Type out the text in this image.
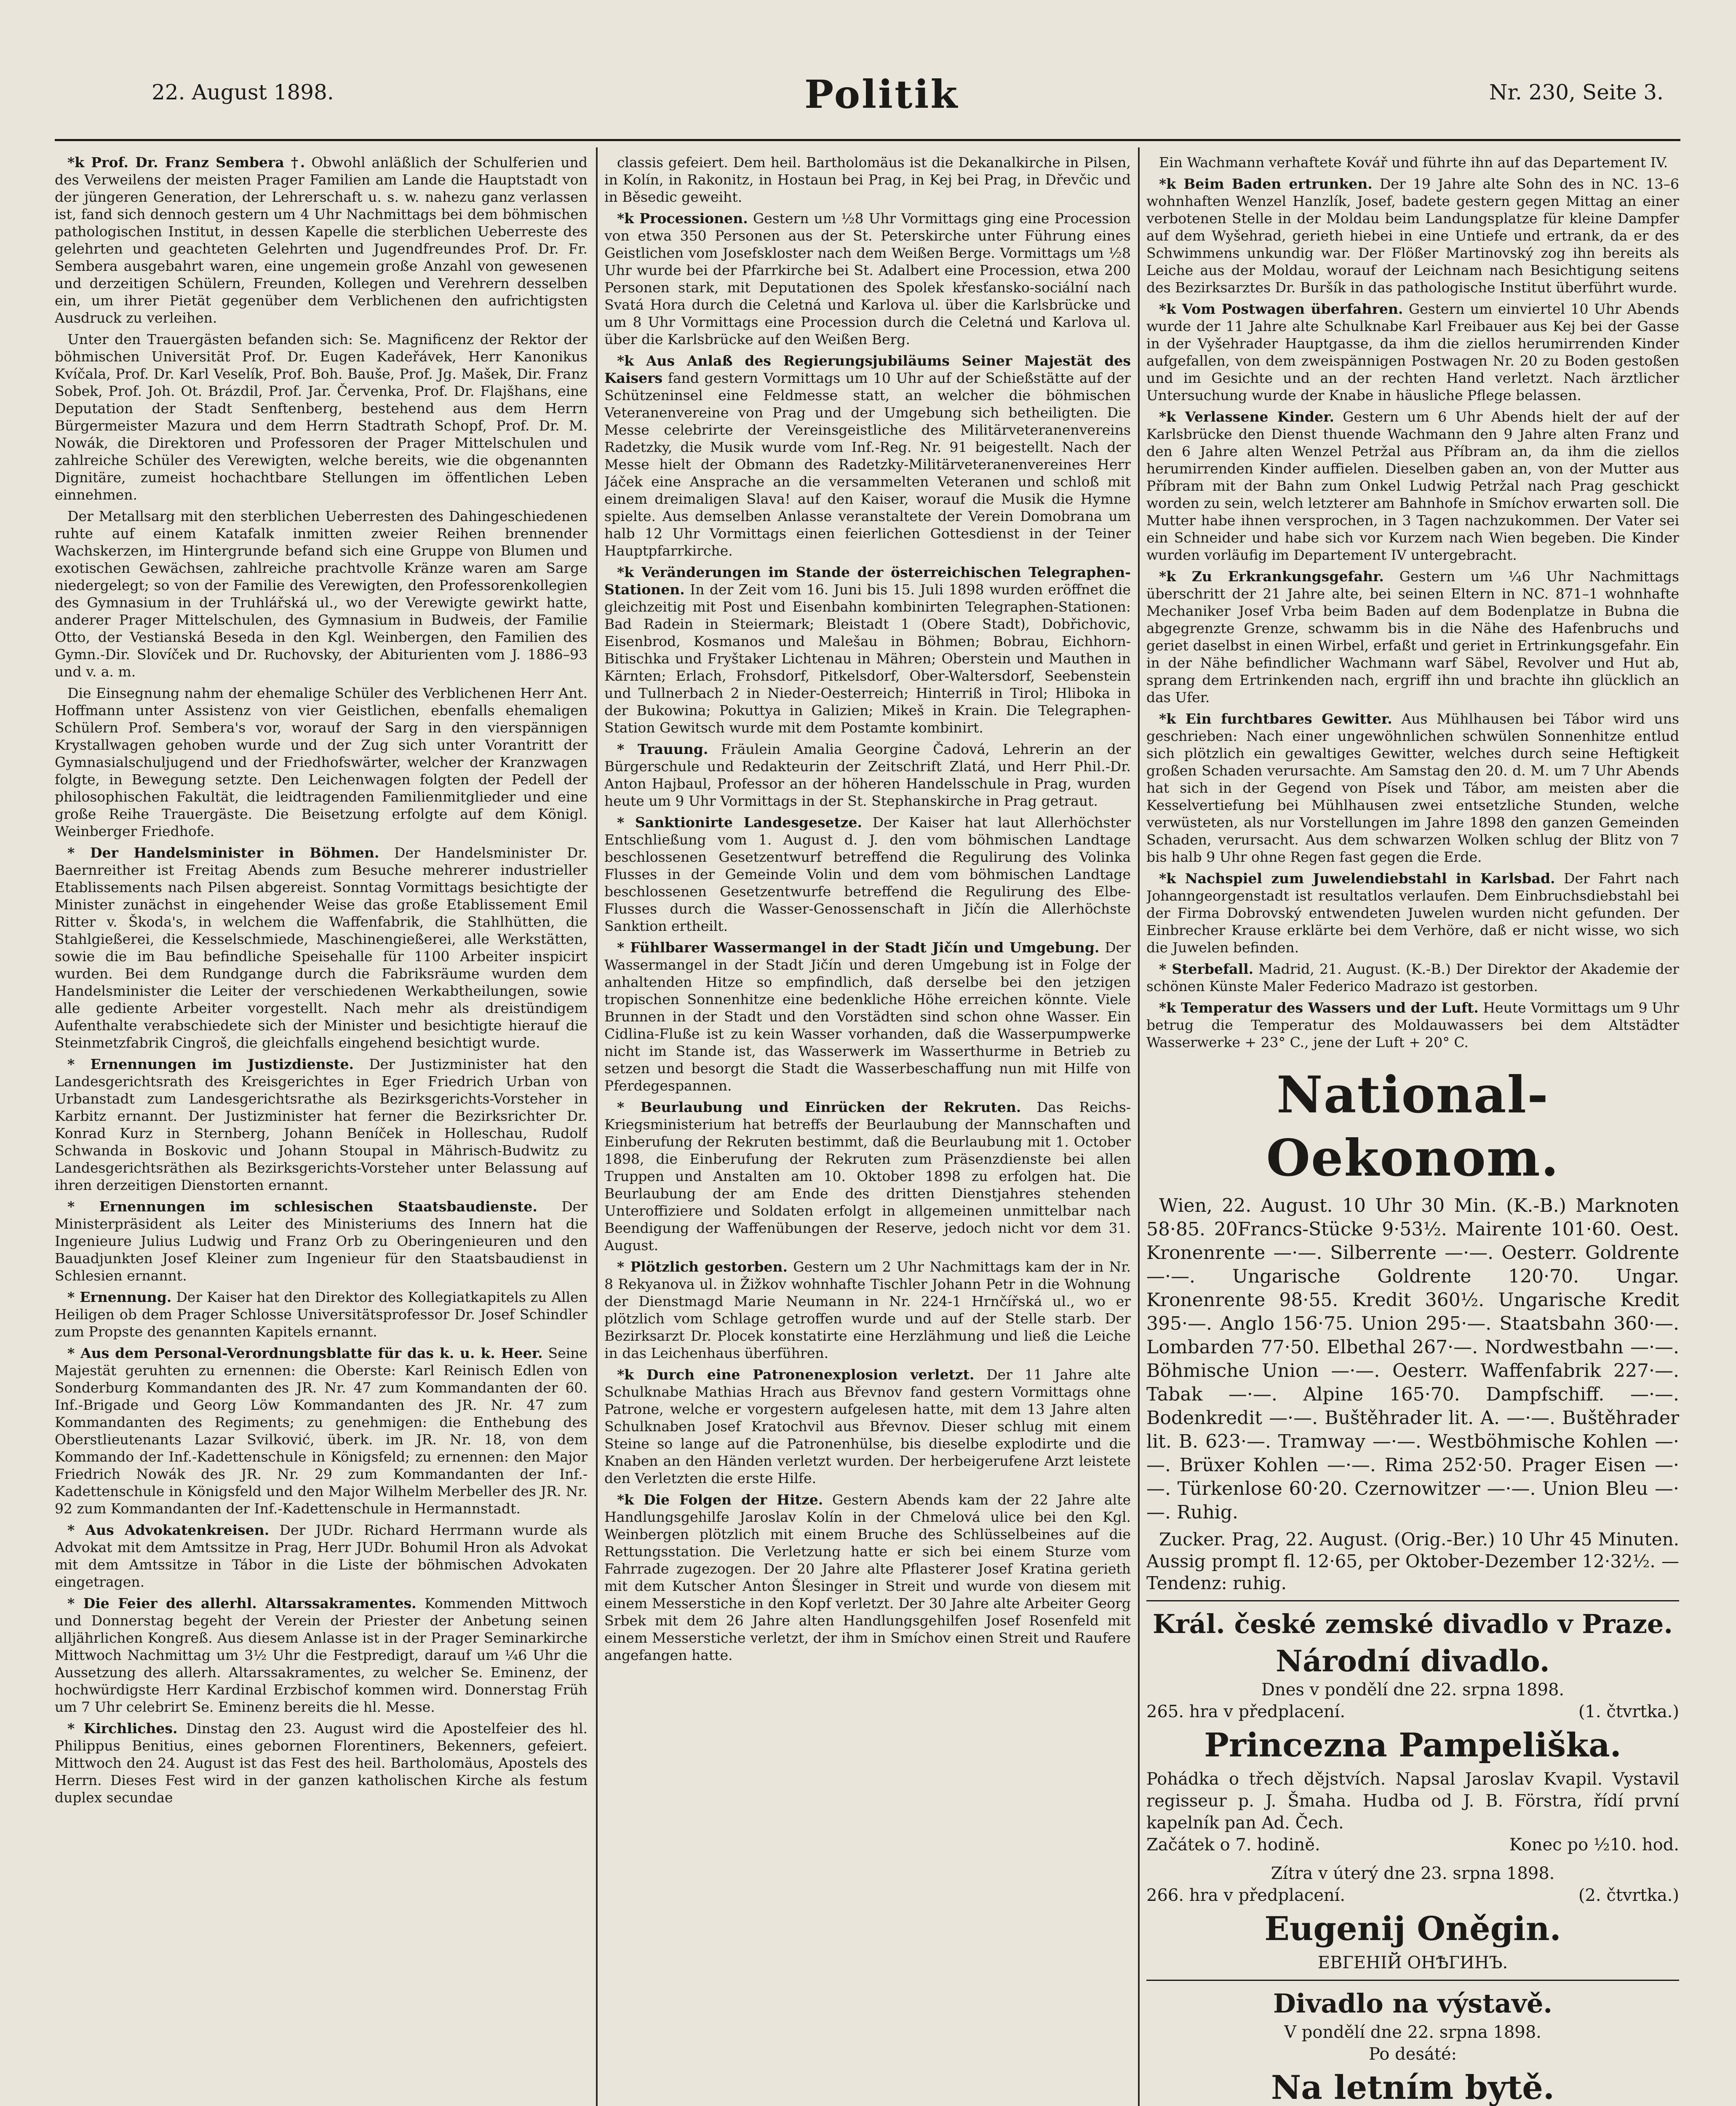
22. August 1898.	Politik	Nr. 230, Seite 3.

*k Prof. Dr. Franz Sembera †. Obwohl anläßlich der Schulferien und des Verweilens der meisten Prager Familien am Lande die Hauptstadt von der jüngeren Generation, der Lehrerschaft u. s. w. nahezu ganz verlassen ist, fand sich dennoch gestern um 4 Uhr Nachmittags bei dem böhmischen pathologischen Institut, in dessen Kapelle die sterblichen Ueberreste des gelehrten und geachteten Gelehrten und Jugendfreundes Prof. Dr. Fr. Sembera ausgebahrt waren, eine ungemein große Anzahl von gewesenen und derzeitigen Schülern, Freunden, Kollegen und Verehrern desselben ein, um ihrer Pietät gegenüber dem Verblichenen den aufrichtigsten Ausdruck zu verleihen.

Unter den Trauergästen befanden sich: Se. Magnificenz der Rektor der böhmischen Universität Prof. Dr. Eugen Kadeřávek, Herr Kanonikus Kvíčala, Prof. Dr. Karl Veselík, Prof. Boh. Bauše, Prof. Jg. Mašek, Dir. Franz Sobek, Prof. Joh. Ot. Brázdil, Prof. Jar. Červenka, Prof. Dr. Flajšhans, eine Deputation der Stadt Senftenberg, bestehend aus dem Herrn Bürgermeister Mazura und dem Herrn Stadtrath Schopf, Prof. Dr. M. Nowák, die Direktoren und Professoren der Prager Mittelschulen und zahlreiche Schüler des Verewigten, welche bereits, wie die obgenannten Dignitäre, zumeist hochachtbare Stellungen im öffentlichen Leben einnehmen.

Der Metallsarg mit den sterblichen Ueberresten des Dahingeschiedenen ruhte auf einem Katafalk inmitten zweier Reihen brennender Wachskerzen, im Hintergrunde befand sich eine Gruppe von Blumen und exotischen Gewächsen, zahlreiche prachtvolle Kränze waren am Sarge niedergelegt; so von der Familie des Verewigten, den Professorenkollegien des Gymnasium in der Truhlářská ul., wo der Verewigte gewirkt hatte, anderer Prager Mittelschulen, des Gymnasium in Budweis, der Familie Otto, der Vestianská Beseda in den Kgl. Weinbergen, den Familien des Gymn.-Dir. Slovíček und Dr. Ruchovsky, der Abiturienten vom J. 1886–93 und v. a. m.

Die Einsegnung nahm der ehemalige Schüler des Verblichenen Herr Ant. Hoffmann unter Assistenz von vier Geistlichen, ebenfalls ehemaligen Schülern Prof. Sembera's vor, worauf der Sarg in den vierspännigen Krystallwagen gehoben wurde und der Zug sich unter Vorantritt der Gymnasialschuljugend und der Friedhofswärter, welcher der Kranzwagen folgte, in Bewegung setzte. Den Leichenwagen folgten der Pedell der philosophischen Fakultät, die leidtragenden Familienmitglieder und eine große Reihe Trauergäste. Die Beisetzung erfolgte auf dem Königl. Weinberger Friedhofe.

* Der Handelsminister in Böhmen. Der Handelsminister Dr. Baernreither ist Freitag Abends zum Besuche mehrerer industrieller Etablissements nach Pilsen abgereist. Sonntag Vormittags besichtigte der Minister zunächst in eingehender Weise das große Etablissement Emil Ritter v. Škoda's, in welchem die Waffenfabrik, die Stahlhütten, die Stahlgießerei, die Kesselschmiede, Maschinengießerei, alle Werkstätten, sowie die im Bau befindliche Speisehalle für 1100 Arbeiter inspicirt wurden. Bei dem Rundgange durch die Fabriksräume wurden dem Handelsminister die Leiter der verschiedenen Werkabtheilungen, sowie alle gediente Arbeiter vorgestellt. Nach mehr als dreistündigem Aufenthalte verabschiedete sich der Minister und besichtigte hierauf die Steinmetzfabrik Cingroš, die gleichfalls eingehend besichtigt wurde.

* Ernennungen im Justizdienste. Der Justizminister hat den Landesgerichtsrath des Kreisgerichtes in Eger Friedrich Urban von Urbanstadt zum Landesgerichtsrathe als Bezirksgerichts-Vorsteher in Karbitz ernannt. Der Justizminister hat ferner die Bezirksrichter Dr. Konrad Kurz in Sternberg, Johann Beníček in Holleschau, Rudolf Schwanda in Boskovic und Johann Stoupal in Mährisch-Budwitz zu Landesgerichtsräthen als Bezirksgerichts-Vorsteher unter Belassung auf ihren derzeitigen Dienstorten ernannt.

* Ernennungen im schlesischen Staatsbaudienste. Der Ministerpräsident als Leiter des Ministeriums des Innern hat die Ingenieure Julius Ludwig und Franz Orb zu Oberingenieuren und den Bauadjunkten Josef Kleiner zum Ingenieur für den Staatsbaudienst in Schlesien ernannt.

* Ernennung. Der Kaiser hat den Direktor des Kollegiatkapitels zu Allen Heiligen ob dem Prager Schlosse Universitätsprofessor Dr. Josef Schindler zum Propste des genannten Kapitels ernannt.

* Aus dem Personal-Verordnungsblatte für das k. u. k. Heer. Seine Majestät geruhten zu ernennen: die Oberste: Karl Reinisch Edlen von Sonderburg Kommandanten des JR. Nr. 47 zum Kommandanten der 60. Inf.-Brigade und Georg Löw Kommandanten des JR. Nr. 47 zum Kommandanten des Regiments; zu genehmigen: die Enthebung des Oberstlieutenants Lazar Svilković, überk. im JR. Nr. 18, von dem Kommando der Inf.-Kadettenschule in Königsfeld; zu ernennen: den Major Friedrich Nowák des JR. Nr. 29 zum Kommandanten der Inf.-Kadettenschule in Königsfeld und den Major Wilhelm Merbeller des JR. Nr. 92 zum Kommandanten der Inf.-Kadettenschule in Hermannstadt.

* Aus Advokatenkreisen. Der JUDr. Richard Herrmann wurde als Advokat mit dem Amtssitze in Prag, Herr JUDr. Bohumil Hron als Advokat mit dem Amtssitze in Tábor in die Liste der böhmischen Advokaten eingetragen.

* Die Feier des allerhl. Altarssakramentes. Kommenden Mittwoch und Donnerstag begeht der Verein der Priester der Anbetung seinen alljährlichen Kongreß. Aus diesem Anlasse ist in der Prager Seminarkirche Mittwoch Nachmittag um 3½ Uhr die Festpredigt, darauf um ¼6 Uhr die Aussetzung des allerh. Altarssakramentes, zu welcher Se. Eminenz, der hochwürdigste Herr Kardinal Erzbischof kommen wird. Donnerstag Früh um 7 Uhr celebrirt Se. Eminenz bereits die hl. Messe.

* Kirchliches. Dinstag den 23. August wird die Apostelfeier des hl. Philippus Benitius, eines gebornen Florentiners, Bekenners, gefeiert. Mittwoch den 24. August ist das Fest des heil. Bartholomäus, Apostels des Herrn. Dieses Fest wird in der ganzen katholischen Kirche als festum duplex secundae

classis gefeiert. Dem heil. Bartholomäus ist die Dekanalkirche in Pilsen, in Kolín, in Rakonitz, in Hostaun bei Prag, in Kej bei Prag, in Dřevčic und in Běsedic geweiht.

*k Processionen. Gestern um ½8 Uhr Vormittags ging eine Procession von etwa 350 Personen aus der St. Peterskirche unter Führung eines Geistlichen vom Josefskloster nach dem Weißen Berge. Vormittags um ½8 Uhr wurde bei der Pfarrkirche bei St. Adalbert eine Procession, etwa 200 Personen stark, mit Deputationen des Spolek křesťansko-sociální nach Svatá Hora durch die Celetná und Karlova ul. über die Karlsbrücke und um 8 Uhr Vormittags eine Procession durch die Celetná und Karlova ul. über die Karlsbrücke auf den Weißen Berg.

*k Aus Anlaß des Regierungsjubiläums Seiner Majestät des Kaisers fand gestern Vormittags um 10 Uhr auf der Schießstätte auf der Schützeninsel eine Feldmesse statt, an welcher die böhmischen Veteranenvereine von Prag und der Umgebung sich betheiligten. Die Messe celebrirte der Vereinsgeistliche des Militärveteranenvereins Radetzky, die Musik wurde vom Inf.-Reg. Nr. 91 beigestellt. Nach der Messe hielt der Obmann des Radetzky-Militärveteranenvereines Herr Jáček eine Ansprache an die versammelten Veteranen und schloß mit einem dreimaligen Slava! auf den Kaiser, worauf die Musik die Hymne spielte. Aus demselben Anlasse veranstaltete der Verein Domobrana um halb 12 Uhr Vormittags einen feierlichen Gottesdienst in der Teiner Hauptpfarrkirche.

*k Veränderungen im Stande der österreichischen Telegraphen-Stationen. In der Zeit vom 16. Juni bis 15. Juli 1898 wurden eröffnet die gleichzeitig mit Post und Eisenbahn kombinirten Telegraphen-Stationen: Bad Radein in Steiermark; Bleistadt 1 (Obere Stadt), Dobřichovic, Eisenbrod, Kosmanos und Malešau in Böhmen; Bobrau, Eichhorn-Bitischka und Fryštaker Lichtenau in Mähren; Oberstein und Mauthen in Kärnten; Erlach, Frohsdorf, Pitkelsdorf, Ober-Waltersdorf, Seebenstein und Tullnerbach 2 in Nieder-Oesterreich; Hinterriß in Tirol; Hliboka in der Bukowina; Pokuttya in Galizien; Mikeš in Krain. Die Telegraphen-Station Gewitsch wurde mit dem Postamte kombinirt.

* Trauung. Fräulein Amalia Georgine Čadová, Lehrerin an der Bürgerschule und Redakteurin der Zeitschrift Zlatá, und Herr Phil.-Dr. Anton Hajbaul, Professor an der höheren Handelsschule in Prag, wurden heute um 9 Uhr Vormittags in der St. Stephanskirche in Prag getraut.

* Sanktionirte Landesgesetze. Der Kaiser hat laut Allerhöchster Entschließung vom 1. August d. J. den vom böhmischen Landtage beschlossenen Gesetzentwurf betreffend die Regulirung des Volinka Flusses in der Gemeinde Volin und dem vom böhmischen Landtage beschlossenen Gesetzentwurfe betreffend die Regulirung des Elbe-Flusses durch die Wasser-Genossenschaft in Jičín die Allerhöchste Sanktion ertheilt.

* Fühlbarer Wassermangel in der Stadt Jičín und Umgebung. Der Wassermangel in der Stadt Jičín und deren Umgebung ist in Folge der anhaltenden Hitze so empfindlich, daß derselbe bei den jetzigen tropischen Sonnenhitze eine bedenkliche Höhe erreichen könnte. Viele Brunnen in der Stadt und den Vorstädten sind schon ohne Wasser. Ein Cidlina-Fluße ist zu kein Wasser vorhanden, daß die Wasserpumpwerke nicht im Stande ist, das Wasserwerk im Wasserthurme in Betrieb zu setzen und besorgt die Stadt die Wasserbeschaffung nun mit Hilfe von Pferdegespannen.

* Beurlaubung und Einrücken der Rekruten. Das Reichs-Kriegsministerium hat betreffs der Beurlaubung der Mannschaften und Einberufung der Rekruten bestimmt, daß die Beurlaubung mit 1. October 1898, die Einberufung der Rekruten zum Präsenzdienste bei allen Truppen und Anstalten am 10. Oktober 1898 zu erfolgen hat. Die Beurlaubung der am Ende des dritten Dienstjahres stehenden Unteroffiziere und Soldaten erfolgt in allgemeinen unmittelbar nach Beendigung der Waffenübungen der Reserve, jedoch nicht vor dem 31. August.

* Plötzlich gestorben. Gestern um 2 Uhr Nachmittags kam der in Nr. 8 Rekyanova ul. in Žižkov wohnhafte Tischler Johann Petr in die Wohnung der Dienstmagd Marie Neumann in Nr. 224-1 Hrnčířská ul., wo er plötzlich vom Schlage getroffen wurde und auf der Stelle starb. Der Bezirksarzt Dr. Plocek konstatirte eine Herzlähmung und ließ die Leiche in das Leichenhaus überführen.

*k Durch eine Patronenexplosion verletzt. Der 11 Jahre alte Schulknabe Mathias Hrach aus Břevnov fand gestern Vormittags ohne Patrone, welche er vorgestern aufgelesen hatte, mit dem 13 Jahre alten Schulknaben Josef Kratochvil aus Břevnov. Dieser schlug mit einem Steine so lange auf die Patronenhülse, bis dieselbe explodirte und die Knaben an den Händen verletzt wurden. Der herbeigerufene Arzt leistete den Verletzten die erste Hilfe.

*k Die Folgen der Hitze. Gestern Abends kam der 22 Jahre alte Handlungsgehilfe Jaroslav Kolín in der Chmelová ulice bei den Kgl. Weinbergen plötzlich mit einem Bruche des Schlüsselbeines auf die Rettungsstation. Die Verletzung hatte er sich bei einem Sturze vom Fahrrade zugezogen. Der 20 Jahre alte Pflasterer Josef Kratina gerieth mit dem Kutscher Anton Šlesinger in Streit und wurde von diesem mit einem Messerstiche in den Kopf verletzt. Der 30 Jahre alte Arbeiter Georg Srbek mit dem 26 Jahre alten Handlungsgehilfen Josef Rosenfeld mit einem Messerstiche verletzt, der ihm in Smíchov einen Streit und Raufere angefangen hatte.

Ein Wachmann verhaftete Kovář und führte ihn auf das Departement IV.

*k Beim Baden ertrunken. Der 19 Jahre alte Sohn des in NC. 13–6 wohnhaften Wenzel Hanzlík, Josef, badete gestern gegen Mittag an einer verbotenen Stelle in der Moldau beim Landungsplatze für kleine Dampfer auf dem Wyšehrad, gerieth hiebei in eine Untiefe und ertrank, da er des Schwimmens unkundig war. Der Flößer Martinovský zog ihn bereits als Leiche aus der Moldau, worauf der Leichnam nach Besichtigung seitens des Bezirksarztes Dr. Buršík in das pathologische Institut überführt wurde.

*k Vom Postwagen überfahren. Gestern um einviertel 10 Uhr Abends wurde der 11 Jahre alte Schulknabe Karl Freibauer aus Kej bei der Gasse in der Vyšehrader Hauptgasse, da ihm die ziellos herumirrenden Kinder aufgefallen, von dem zweispännigen Postwagen Nr. 20 zu Boden gestoßen und im Gesichte und an der rechten Hand verletzt. Nach ärztlicher Untersuchung wurde der Knabe in häusliche Pflege belassen.

*k Verlassene Kinder. Gestern um 6 Uhr Abends hielt der auf der Karlsbrücke den Dienst thuende Wachmann den 9 Jahre alten Franz und den 6 Jahre alten Wenzel Petržal aus Příbram an, da ihm die ziellos herumirrenden Kinder auffielen. Dieselben gaben an, von der Mutter aus Příbram mit der Bahn zum Onkel Ludwig Petržal nach Prag geschickt worden zu sein, welch letzterer am Bahnhofe in Smíchov erwarten soll. Die Mutter habe ihnen versprochen, in 3 Tagen nachzukommen. Der Vater sei ein Schneider und habe sich vor Kurzem nach Wien begeben. Die Kinder wurden vorläufig im Departement IV untergebracht.

*k Zu Erkrankungsgefahr. Gestern um ¼6 Uhr Nachmittags überschritt der 21 Jahre alte, bei seinen Eltern in NC. 871–1 wohnhafte Mechaniker Josef Vrba beim Baden auf dem Bodenplatze in Bubna die abgegrenzte Grenze, schwamm bis in die Nähe des Hafenbruchs und geriet daselbst in einen Wirbel, erfaßt und geriet in Ertrinkungsgefahr. Ein in der Nähe befindlicher Wachmann warf Säbel, Revolver und Hut ab, sprang dem Ertrinkenden nach, ergriff ihn und brachte ihn glücklich an das Ufer.

*k Ein furchtbares Gewitter. Aus Mühlhausen bei Tábor wird uns geschrieben: Nach einer ungewöhnlichen schwülen Sonnenhitze entlud sich plötzlich ein gewaltiges Gewitter, welches durch seine Heftigkeit großen Schaden verursachte. Am Samstag den 20. d. M. um 7 Uhr Abends hat sich in der Gegend von Písek und Tábor, am meisten aber die Kesselvertiefung bei Mühlhausen zwei entsetzliche Stunden, welche verwüsteten, als nur Vorstellungen im Jahre 1898 den ganzen Gemeinden Schaden, verursacht. Aus dem schwarzen Wolken schlug der Blitz von 7 bis halb 9 Uhr ohne Regen fast gegen die Erde.

*k Nachspiel zum Juwelendiebstahl in Karlsbad. Der Fahrt nach Johanngeorgenstadt ist resultatlos verlaufen. Dem Einbruchsdiebstahl bei der Firma Dobrovský entwendeten Juwelen wurden nicht gefunden. Der Einbrecher Krause erklärte bei dem Verhöre, daß er nicht wisse, wo sich die Juwelen befinden.

* Sterbefall. Madrid, 21. August. (K.-B.) Der Direktor der Akademie der schönen Künste Maler Federico Madrazo ist gestorben.

*k Temperatur des Wassers und der Luft. Heute Vormittags um 9 Uhr betrug die Temperatur des Moldauwassers bei dem Altstädter Wasserwerke + 23° C., jene der Luft + 20° C.

National-Oekonom.

Wien, 22. August. 10 Uhr 30 Min. (K.-B.) Marknoten 58·85. 20Francs-Stücke 9·53½. Mairente 101·60. Oest. Kronenrente —·—. Silberrente —·—. Oesterr. Goldrente —·—. Ungarische Goldrente 120·70. Ungar. Kronenrente 98·55. Kredit 360½. Ungarische Kredit 395·—. Anglo 156·75. Union 295·—. Staatsbahn 360·—. Lombarden 77·50. Elbethal 267·—. Nordwestbahn —·—. Böhmische Union —·—. Oesterr. Waffenfabrik 227·—. Tabak —·—. Alpine 165·70. Dampfschiff. —·—. Bodenkredit —·—. Buštěhrader lit. A. —·—. Buštěhrader lit. B. 623·—. Tramway —·—. Westböhmische Kohlen —·—. Brüxer Kohlen —·—. Rima 252·50. Prager Eisen —·—. Türkenlose 60·20. Czernowitzer —·—. Union Bleu —·—. Ruhig.

Zucker. Prag, 22. August. (Orig.-Ber.) 10 Uhr 45 Minuten. Aussig prompt fl. 12·65, per Oktober-Dezember 12·32½. — Tendenz: ruhig.

Král. české zemské divadlo v Praze.
Národní divadlo.
Dnes v pondělí dne 22. srpna 1898.
265. hra v předplacení.	(1. čtvrtka.)
Princezna Pampeliška.
Pohádka o třech dějstvích. Napsal Jaroslav Kvapil. Vystavil regisseur p. J. Šmaha. Hudba od J. B. Förstra, řídí první kapelník pan Ad. Čech.
Začátek o 7. hodině.	Konec po ½10. hod.
Zítra v úterý dne 23. srpna 1898.
266. hra v předplacení.	(2. čtvrtka.)
Eugenij Oněgin.
ЕВГЕНІЙ ОНѢГИНЪ.
Divadlo na výstavě.
V pondělí dne 22. srpna 1898.
Po desáté:
Na letním bytě.
